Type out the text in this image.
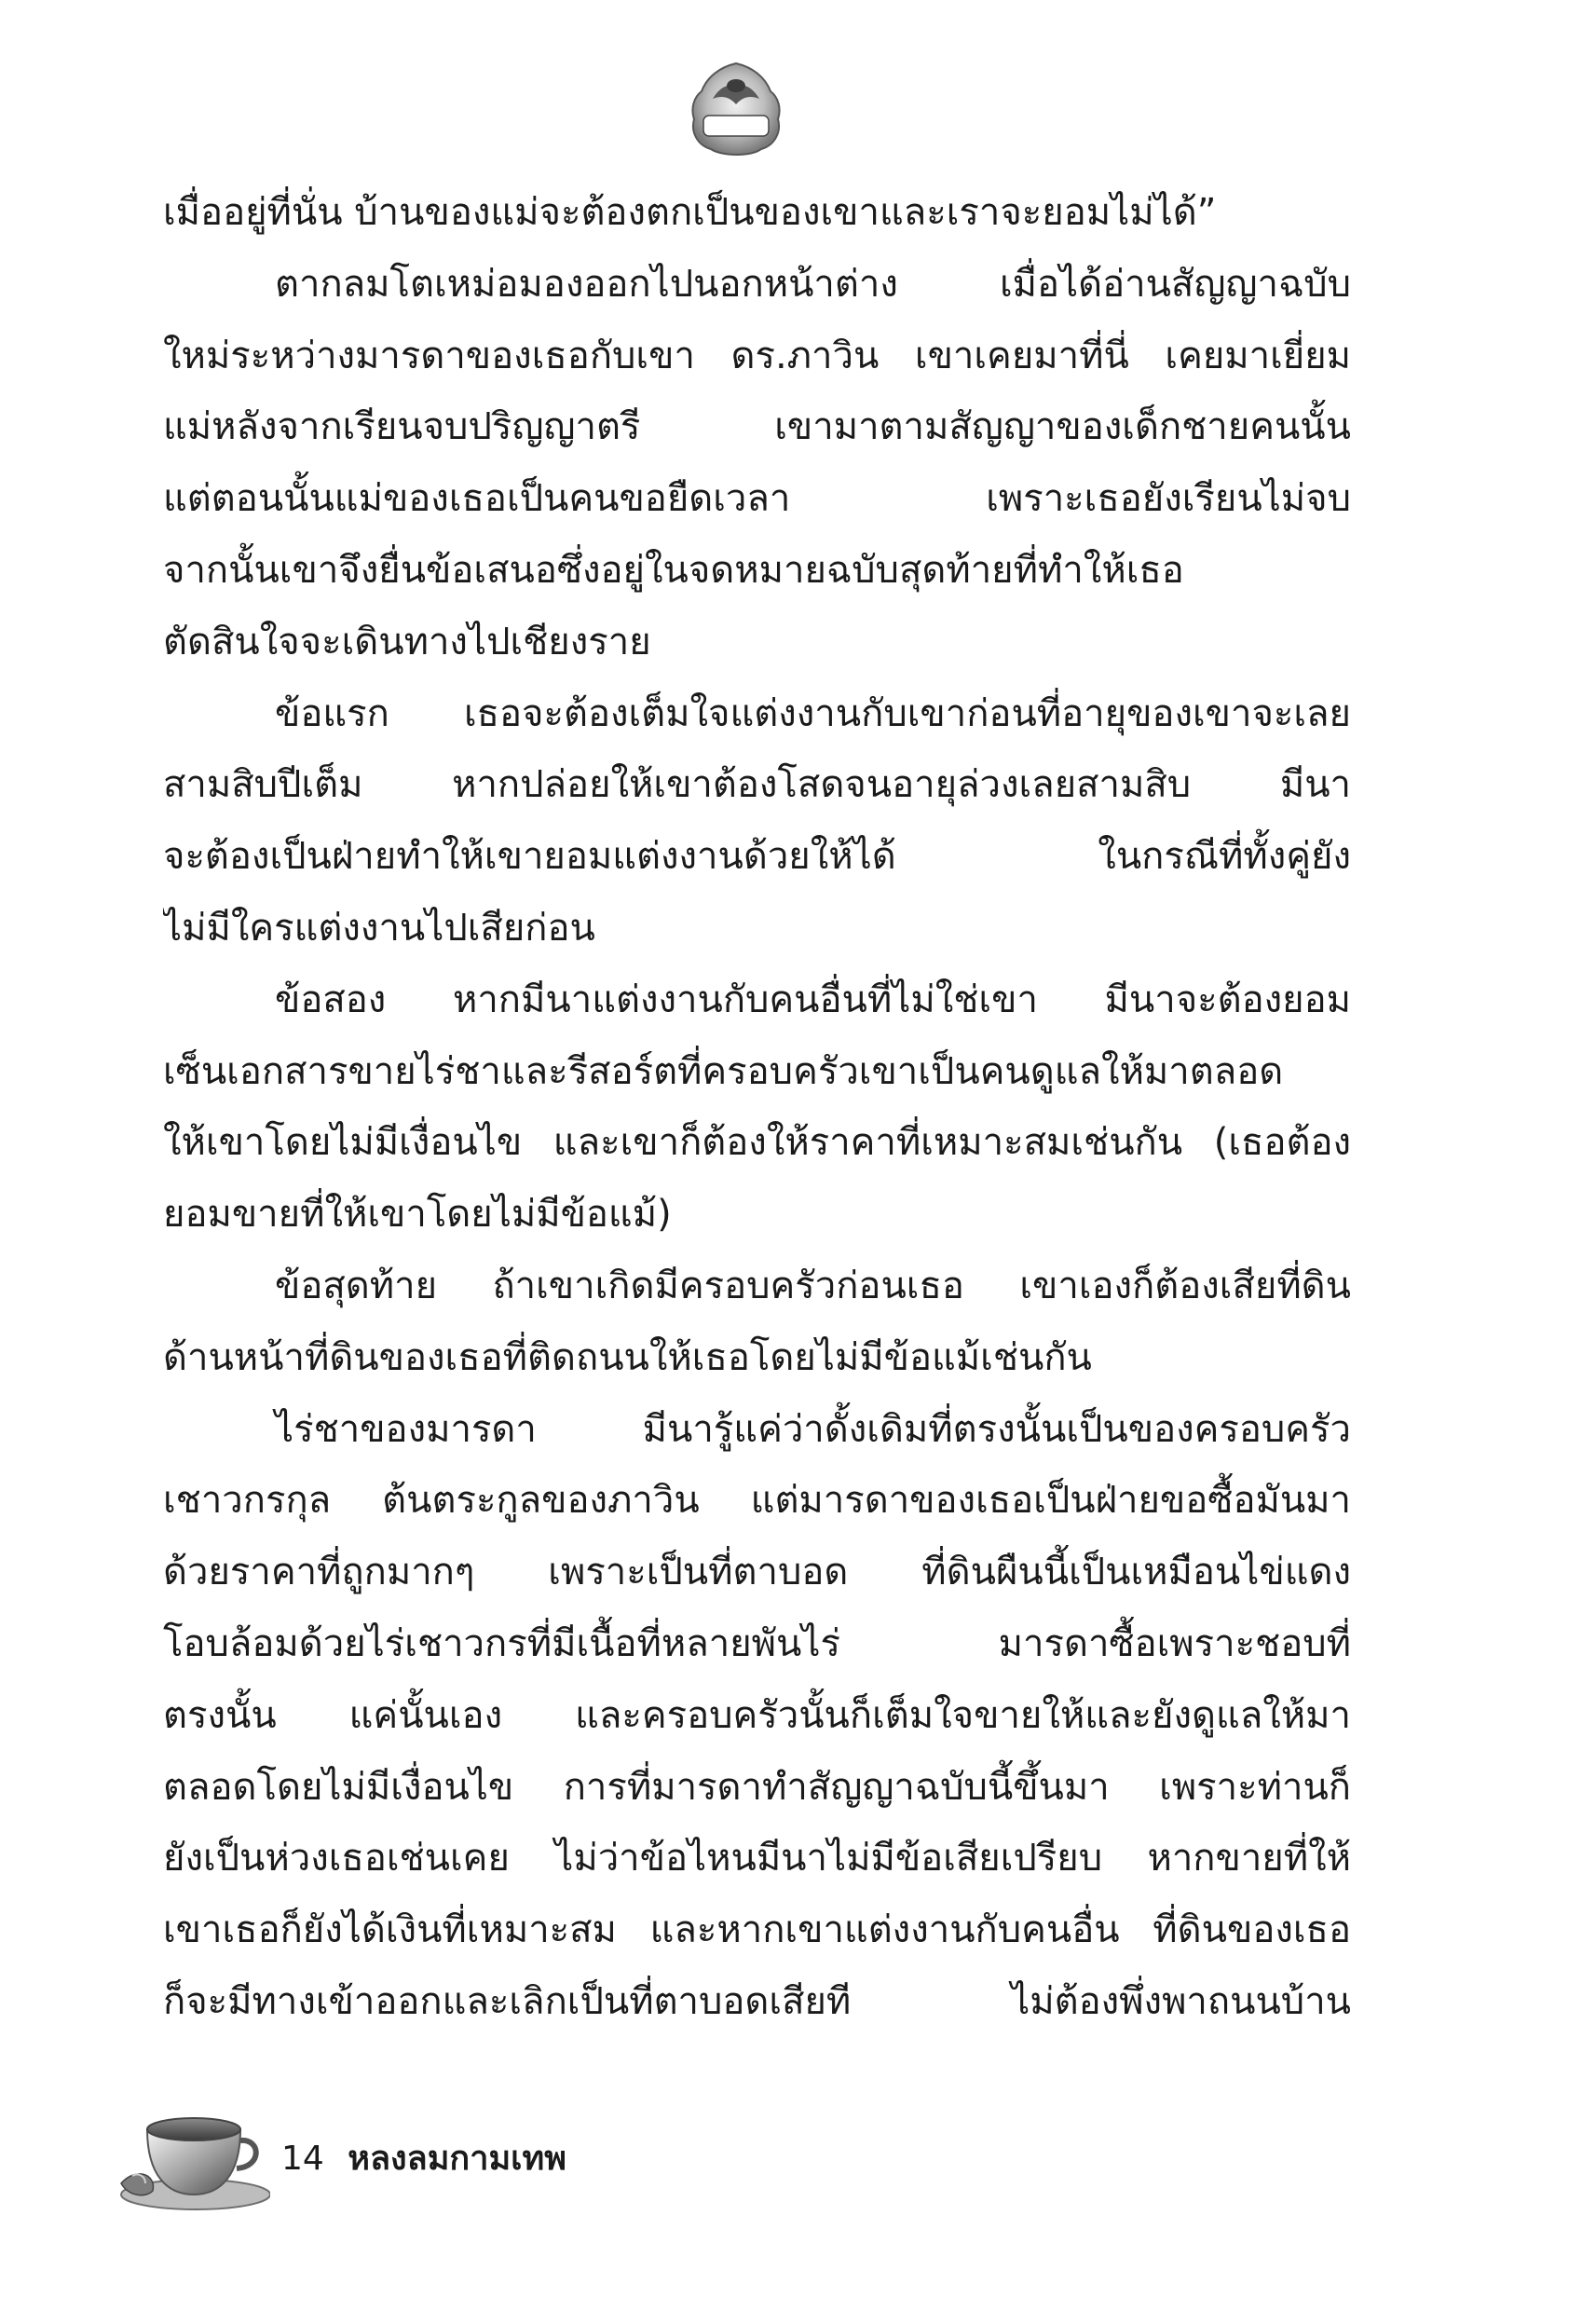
เมื่ออยู่ที่นั่น บ้านของแม่จะต้องตกเป็นของเขาและเราจะยอมไม่ได้”

ตากลมโตเหม่อมองออกไปนอกหน้าต่าง เมื่อได้อ่านสัญญาฉบับ

ใหม่ระหว่างมารดาของเธอกับเขา ดร.ภาวิน เขาเคยมาที่นี่ เคยมาเยี่ยม

แม่หลังจากเรียนจบปริญญาตรี เขามาตามสัญญาของเด็กชายคนนั้น

แต่ตอนนั้นแม่ของเธอเป็นคนขอยืดเวลา เพราะเธอยังเรียนไม่จบ

จากนั้นเขาจึงยื่นข้อเสนอซึ่งอยู่ในจดหมายฉบับสุดท้ายที่ทำให้เธอ

ตัดสินใจจะเดินทางไปเชียงราย

ข้อแรก เธอจะต้องเต็มใจแต่งงานกับเขาก่อนที่อายุของเขาจะเลย

สามสิบปีเต็ม หากปล่อยให้เขาต้องโสดจนอายุล่วงเลยสามสิบ มีนา

จะต้องเป็นฝ่ายทำให้เขายอมแต่งงานด้วยให้ได้ ในกรณีที่ทั้งคู่ยัง

ไม่มีใครแต่งงานไปเสียก่อน

ข้อสอง หากมีนาแต่งงานกับคนอื่นที่ไม่ใช่เขา มีนาจะต้องยอม

เซ็นเอกสารขายไร่ชาและรีสอร์ตที่ครอบครัวเขาเป็นคนดูแลให้มาตลอด

ให้เขาโดยไม่มีเงื่อนไข และเขาก็ต้องให้ราคาที่เหมาะสมเช่นกัน (เธอต้อง

ยอมขายที่ให้เขาโดยไม่มีข้อแม้)

ข้อสุดท้าย ถ้าเขาเกิดมีครอบครัวก่อนเธอ เขาเองก็ต้องเสียที่ดิน

ด้านหน้าที่ดินของเธอที่ติดถนนให้เธอโดยไม่มีข้อแม้เช่นกัน

ไร่ชาของมารดา มีนารู้แค่ว่าดั้งเดิมที่ตรงนั้นเป็นของครอบครัว

เชาวกรกุล ต้นตระกูลของภาวิน แต่มารดาของเธอเป็นฝ่ายขอซื้อมันมา

ด้วยราคาที่ถูกมากๆ เพราะเป็นที่ตาบอด ที่ดินผืนนี้เป็นเหมือนไข่แดง

โอบล้อมด้วยไร่เชาวกรที่มีเนื้อที่หลายพันไร่ มารดาซื้อเพราะชอบที่

ตรงนั้น แค่นั้นเอง และครอบครัวนั้นก็เต็มใจขายให้และยังดูแลให้มา

ตลอดโดยไม่มีเงื่อนไข การที่มารดาทำสัญญาฉบับนี้ขึ้นมา เพราะท่านก็

ยังเป็นห่วงเธอเช่นเคย ไม่ว่าข้อไหนมีนาไม่มีข้อเสียเปรียบ หากขายที่ให้

เขาเธอก็ยังได้เงินที่เหมาะสม และหากเขาแต่งงานกับคนอื่น ที่ดินของเธอ

ก็จะมีทางเข้าออกและเลิกเป็นที่ตาบอดเสียที ไม่ต้องพึ่งพาถนนบ้าน

14 หลงลมกามเทพ
